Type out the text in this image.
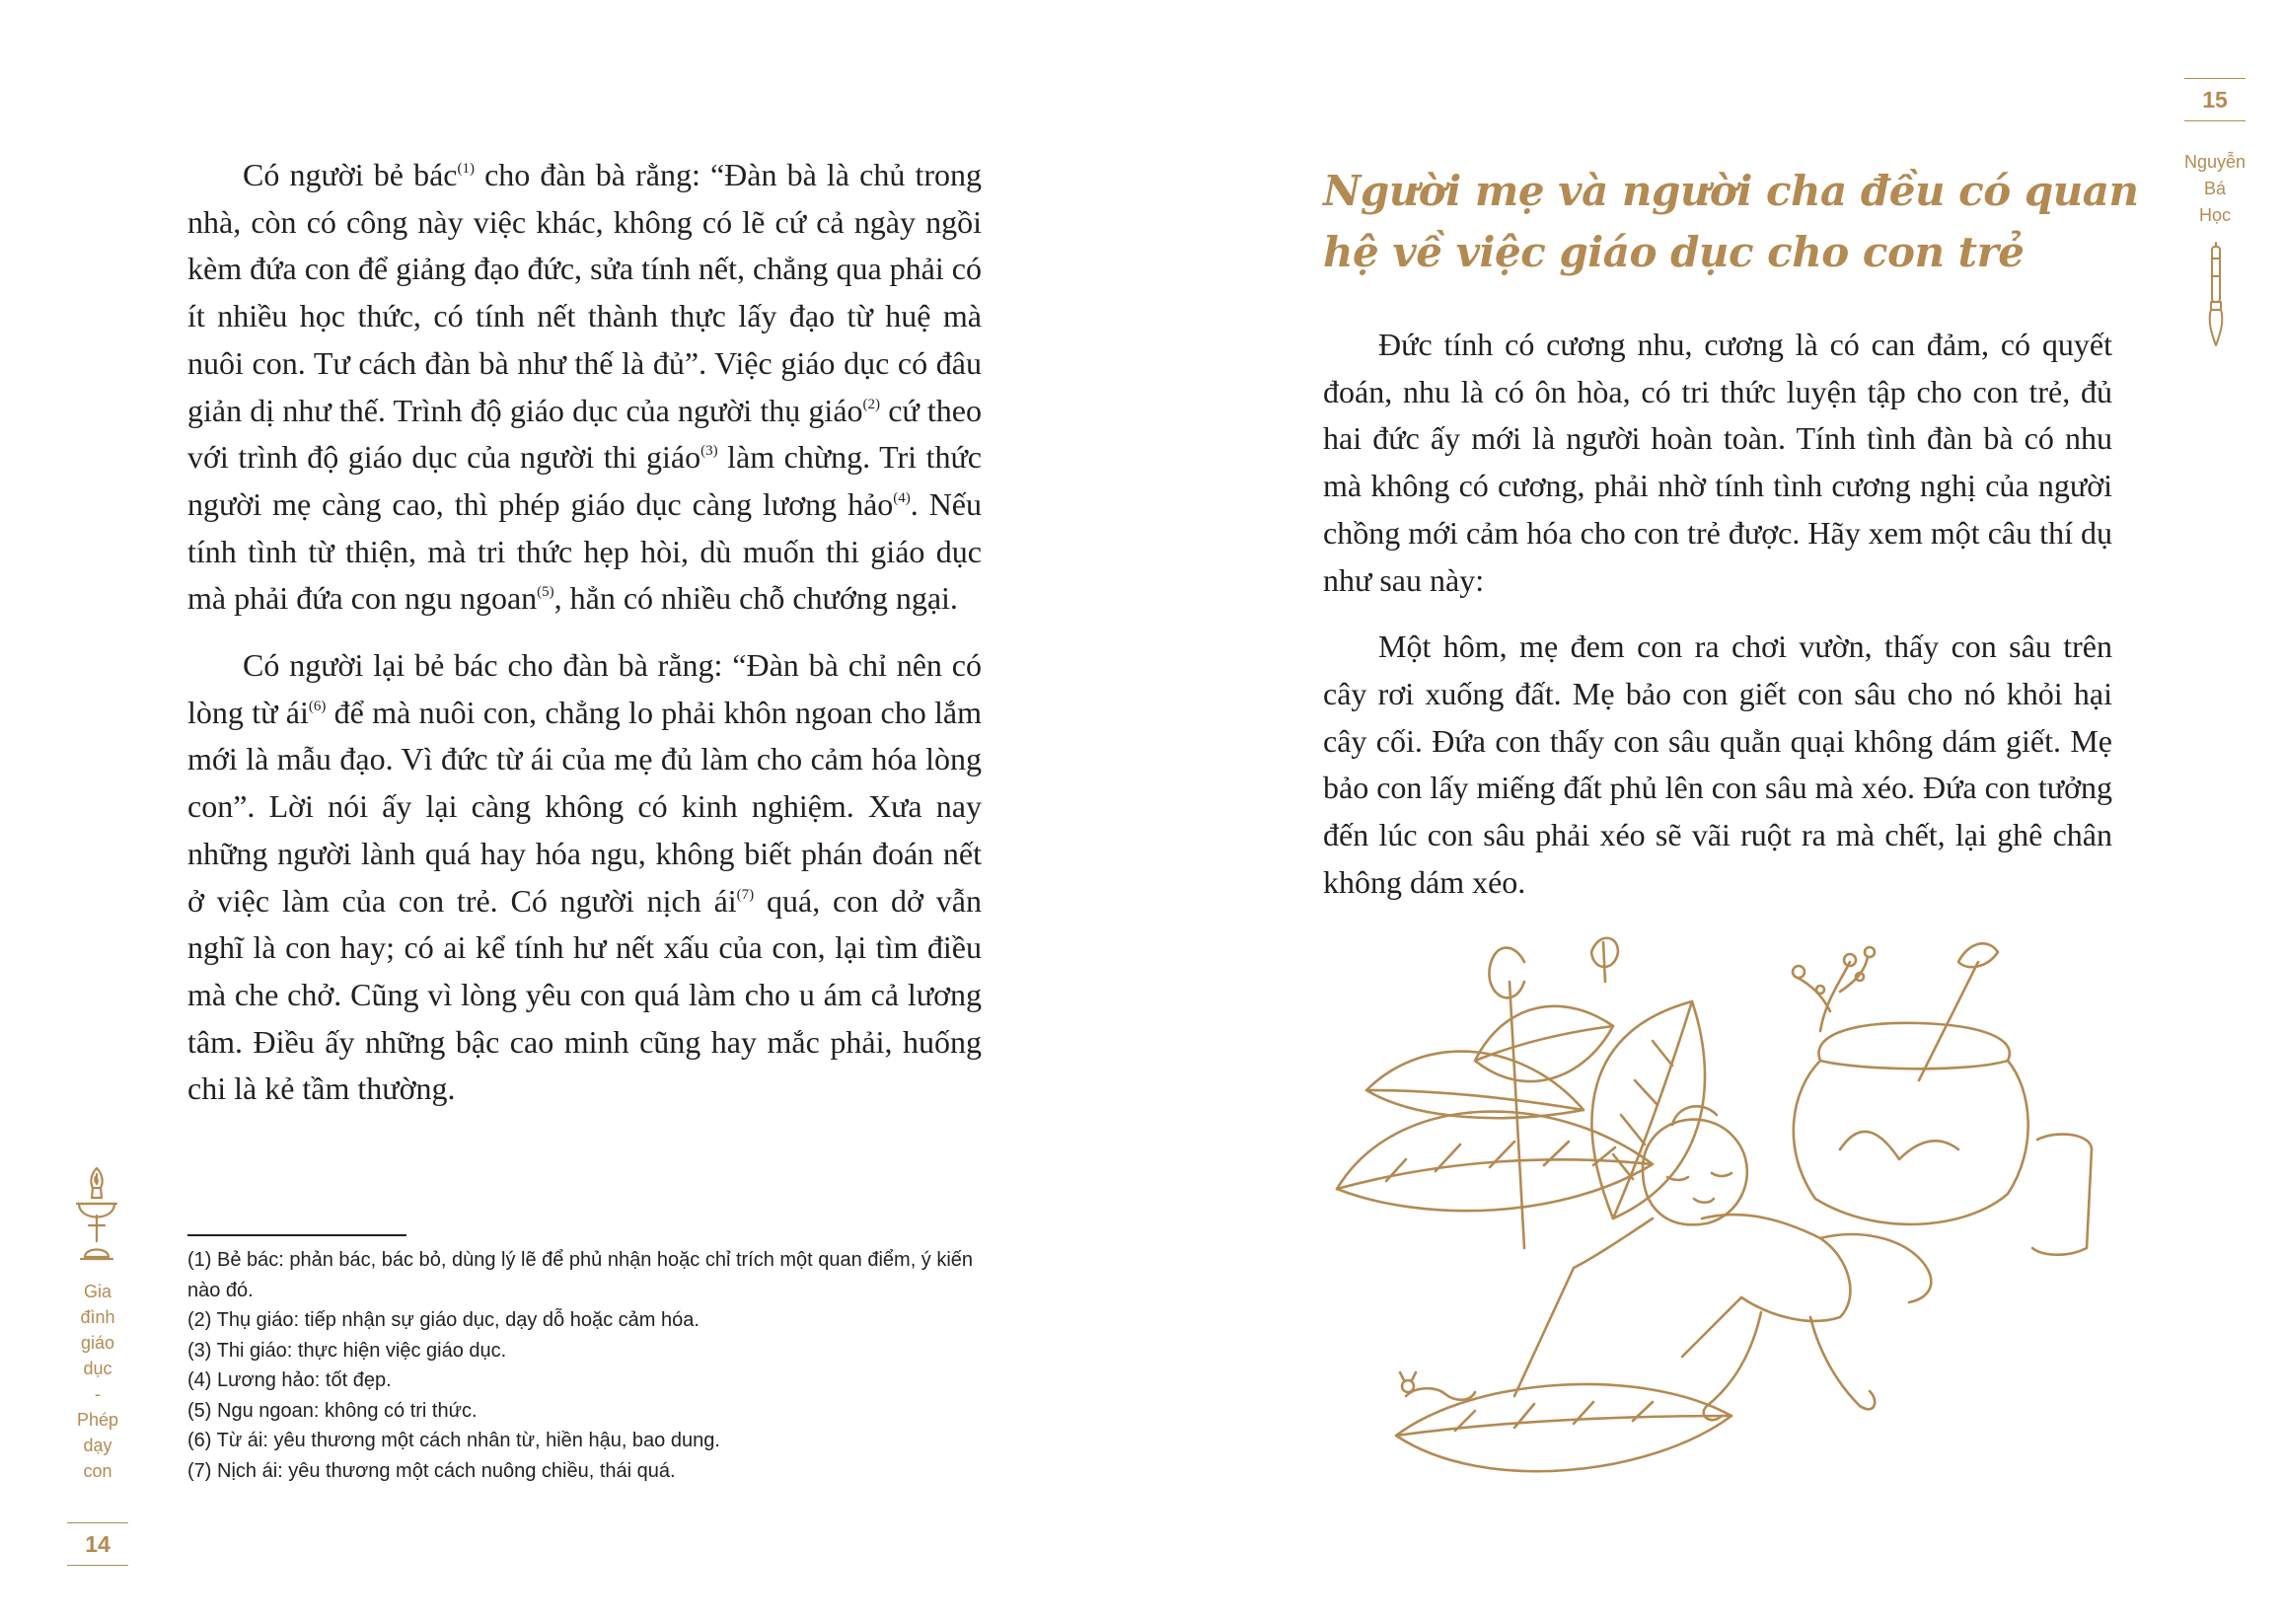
Có người bẻ bác$^{(1)}$ cho đàn bà rằng: “Đàn bà là chủ trong nhà, còn có công này việc khác, không có lẽ cứ cả ngày ngồi kèm đứa con để giảng đạo đức, sửa tính nết, chẳng qua phải có ít nhiều học thức, có tính nết thành thực lấy đạo từ huệ mà nuôi con. Tư cách đàn bà như thế là đủ”. Việc giáo dục có đâu giản dị như thế. Trình độ giáo dục của người thụ giáo$^{(2)}$ cứ theo với trình độ giáo dục của người thi giáo$^{(3)}$ làm chừng. Tri thức người mẹ càng cao, thì phép giáo dục càng lương hảo$^{(4)}$. Nếu tính tình từ thiện, mà tri thức hẹp hòi, dù muốn thi giáo dục mà phải đứa con ngu ngoan$^{(5)}$, hẳn có nhiều chỗ chướng ngại.

Có người lại bẻ bác cho đàn bà rằng: “Đàn bà chỉ nên có lòng từ $ái^{(6)}$ để mà nuôi con, chẳng lo phải khôn ngoan cho lắm mới là mẫu đạo. Vì đức từ ái của mẹ đủ làm cho cảm hóa lòng con”. Lời nói ấy lại càng không có kinh nghiệm. Xưa nay những người lành quá hay hóa ngu, không biết phán đoán nết ở việc làm của con trẻ. Có người nịch $ái^{(7)}$ quá, con dở vẫn nghĩ là con hay; có ai kể tính hư nết xấu của con, lại tìm điều mà che chở. Cũng vì lòng yêu con quá làm cho u ám cả lương tâm. Điều ấy những bậc cao minh cũng hay mắc phải, huống chi là kẻ tầm thường.

(1) Bẻ bác: phản bác, bác bỏ, dùng lý lẽ để phủ nhận hoặc chỉ trích một quan điểm, ý kiến nào đó.
(2) Thụ giáo: tiếp nhận sự giáo dục, dạy dỗ hoặc cảm hóa.
(3) Thi giáo: thực hiện việc giáo dục.
(4) Lương hảo: tốt đẹp.
(5) Ngu ngoan: không có tri thức.
(6) Từ ái: yêu thương một cách nhân từ, hiền hậu, bao dung.
(7) Nịch ái: yêu thương một cách nuông chiều, thái quá.
Gia
đình
giáo
dục
-
Phép
dạy
con
14
15
Nguyễn
Bá
Học
Người mẹ và người cha đều có quan hệ về việc giáo dục cho con trẻ

Đức tính có cương nhu, cương là có can đảm, có quyết đoán, nhu là có ôn hòa, có tri thức luyện tập cho con trẻ, đủ hai đức ấy mới là người hoàn toàn. Tính tình đàn bà có nhu mà không có cương, phải nhờ tính tình cương nghị của người chồng mới cảm hóa cho con trẻ được. Hãy xem một câu thí dụ như sau này:

Một hôm, mẹ đem con ra chơi vườn, thấy con sâu trên cây rơi xuống đất. Mẹ bảo con giết con sâu cho nó khỏi hại cây cối. Đứa con thấy con sâu quằn quại không dám giết. Mẹ bảo con lấy miếng đất phủ lên con sâu mà xéo. Đứa con tưởng đến lúc con sâu phải xéo sẽ vãi ruột ra mà chết, lại ghê chân không dám xéo.
